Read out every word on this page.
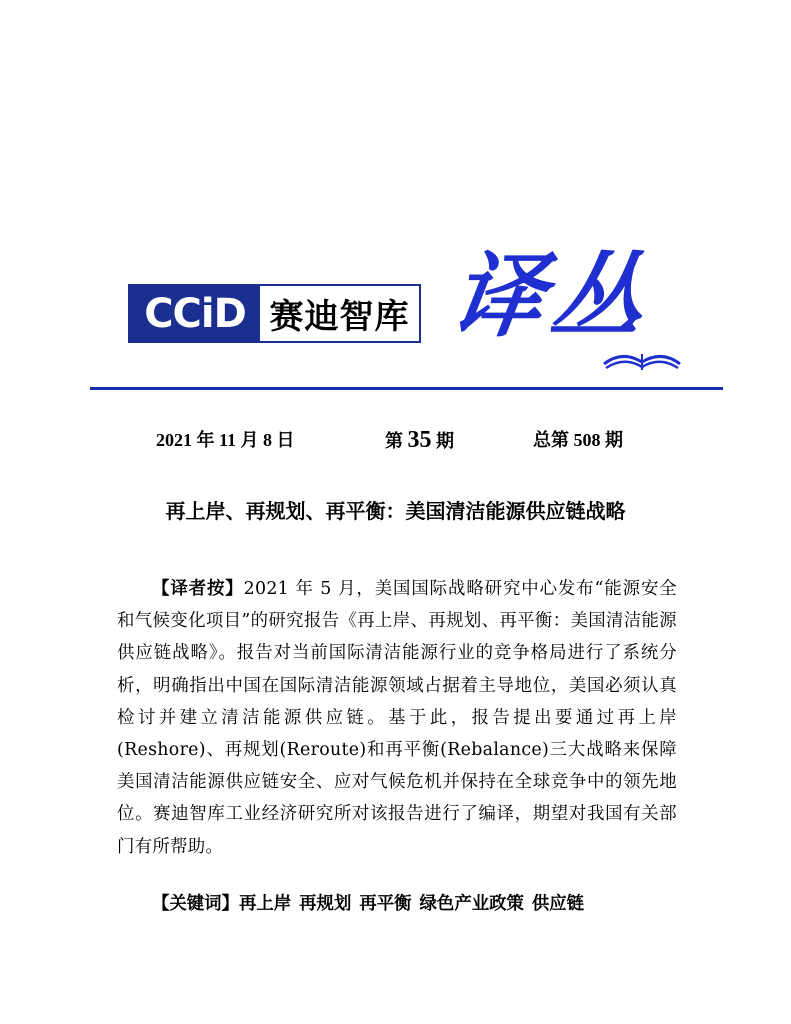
CCiD 赛迪智库 译丛
2021 年 11 月 8 日	第 35 期	总第 508 期
再上岸、再规划、再平衡：美国清洁能源供应链战略
【译者按】2021 年 5 月，美国国际战略研究中心发布“能源安全和气候变化项目”的研究报告《再上岸、再规划、再平衡：美国清洁能源供应链战略》。报告对当前国际清洁能源行业的竞争格局进行了系统分析，明确指出中国在国际清洁能源领域占据着主导地位，美国必须认真检讨并建立清洁能源供应链。基于此，报告提出要通过再上岸(Reshore)、再规划(Reroute)和再平衡(Rebalance)三大战略来保障美国清洁能源供应链安全、应对气候危机并保持在全球竞争中的领先地位。赛迪智库工业经济研究所对该报告进行了编译，期望对我国有关部门有所帮助。
【关键词】再上岸 再规划 再平衡 绿色产业政策 供应链
